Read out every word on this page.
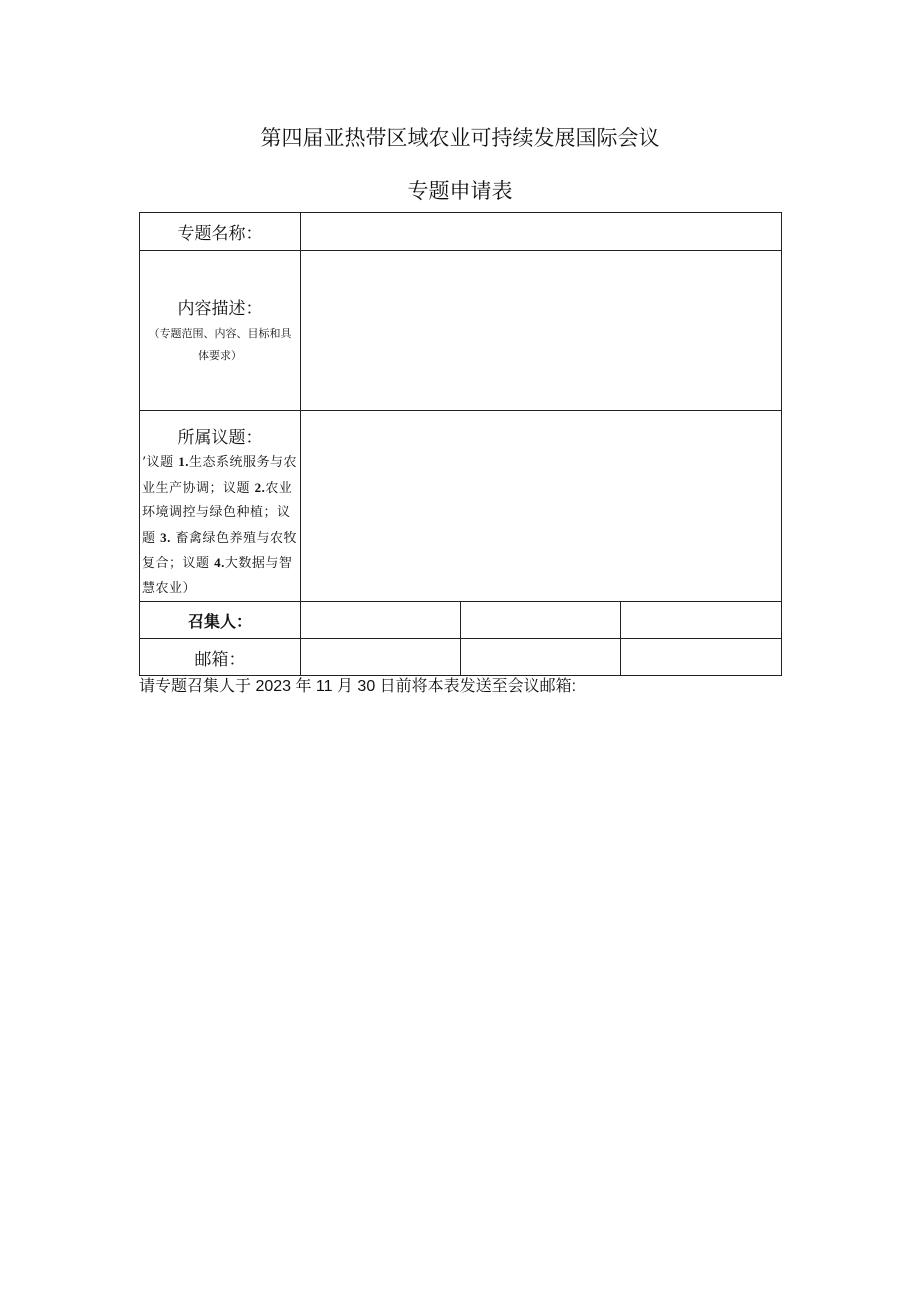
第四届亚热带区域农业可持续发展国际会议
专题申请表
专题名称：			

内容描述：
（专题范围、内容、目标和具体要求）			

所属议题：
’议题 1.生态系统服务与农业生产协调；议题 2.农业环境调控与绿色种植；议题 3. 畜禽绿色养殖与农牧复合；议题 4.大数据与智慧农业）			

召集人：			
邮箱：			
请专题召集人于 2023 年 11 月 30 日前将本表发送至会议邮箱:
